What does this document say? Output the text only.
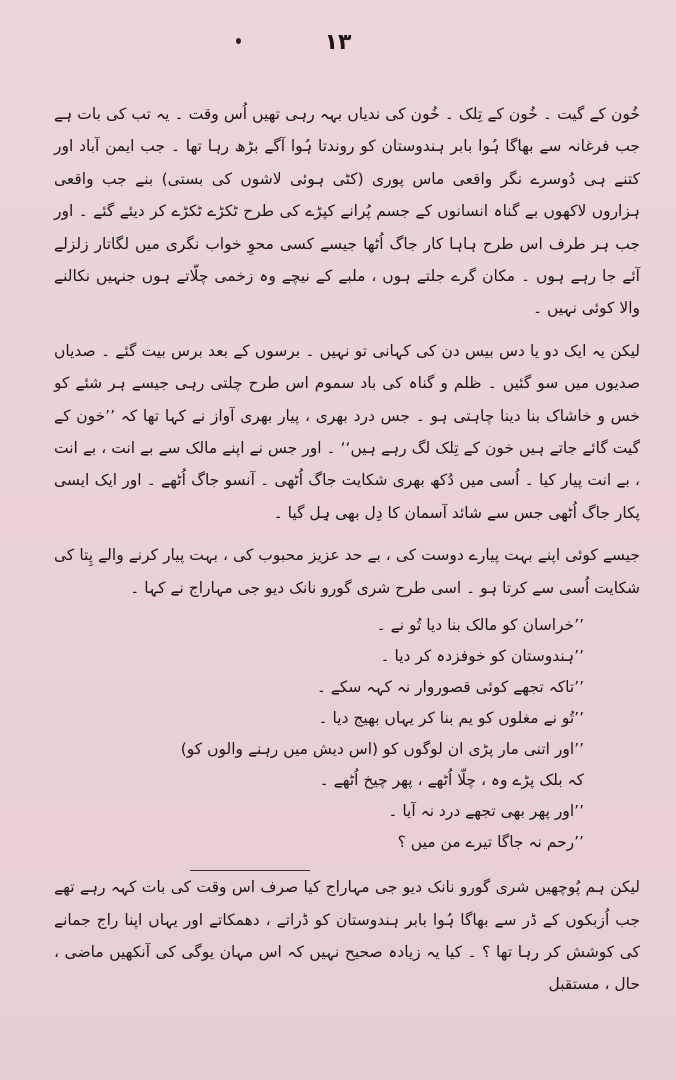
۱۳

خُون کے گیت ۔ خُون کے تِلک ۔ خُون کی ندیاں بہہ رہی تھیں اُس وقت ۔ یہ تب کی بات ہے جب فرغانہ سے بھاگا ہُوا بابر ہندوستان کو روندتا ہُوا آگے بڑھ رہا تھا ۔ جب ایمن آباد اور کتنے ہی دُوسرے نگر واقعی ماس پوری (کٹی ہوئی لاشوں کی بستی) بنے جب واقعی ہزاروں لاکھوں بے گناہ انسانوں کے جسم پُرانے کپڑے کی طرح ٹکڑے ٹکڑے کر دیئے گئے ۔ اور جب ہر طرف اس طرح ہاہا کار جاگ اُٹھا جیسے کسی محوِ خواب نگری میں لگاتار زلزلے آئے جا رہے ہوں ۔ مکان گرے جلتے ہوں ، ملبے کے نیچے وہ زخمی چلّاتے ہوں جنہیں نکالنے والا کوئی نہیں ۔

لیکن یہ ایک دو یا دس بیس دن کی کہانی تو نہیں ۔ برسوں کے بعد برس بیت گئے ۔ صدیاں صدیوں میں سو گئیں ۔ ظلم و گناہ کی باد سموم اس طرح چلتی رہی جیسے ہر شئے کو خس و خاشاک بنا دینا چاہتی ہو ۔ جس درد بھری ، پیار بھری آواز نے کہا تھا کہ ’’خون کے گیت گائے جاتے ہیں خون کے تِلک لگ رہے ہیں‘‘ ۔ اور جس نے اپنے مالک سے بے انت ، بے انت ، بے انت پیار کیا ۔ اُسی میں دُکھ بھری شکایت جاگ اُٹھی ۔ آنسو جاگ اُٹھے ۔ اور ایک ایسی پکار جاگ اُٹھی جس سے شائد آسمان کا دِل بھی ہِل گیا ۔

جیسے کوئی اپنے بہت پیارے دوست کی ، بے حد عزیز محبوب کی ، بہت پیار کرنے والے پِتا کی شکایت اُسی سے کرتا ہو ۔ اسی طرح شری گورو نانک دیو جی مہاراج نے کہا ۔

’’خراسان کو مالک بنا دیا تُو نے ۔
’’ہندوستان کو خوفزدہ کر دیا ۔
’’تاکہ تجھے کوئی قصوروار نہ کہہ سکے ۔
’’تُو نے مغلوں کو یم بنا کر یہاں بھیج دیا ۔
’’اور اتنی مار پڑی ان لوگوں کو (اس دیش میں رہنے والوں کو)
کہ بلک پڑے وہ ، چلّا اُٹھے ، پھر چیخ اُٹھے ۔
’’اور پھر بھی تجھے درد نہ آیا ۔
’’رحم نہ جاگا تیرے من میں ؟

لیکن ہم پُوچھیں شری گورو نانک دیو جی مہاراج کیا صرف اس وقت کی بات کہہ رہے تھے جب اُزبکوں کے ڈر سے بھاگا ہُوا بابر ہندوستان کو ڈراتے ، دھمکاتے اور یہاں اپنا راج جمانے کی کوشش کر رہا تھا ؟ ۔ کیا یہ زیادہ صحیح نہیں کہ اس مہان یوگی کی آنکھیں ماضی ، حال ، مستقبل
